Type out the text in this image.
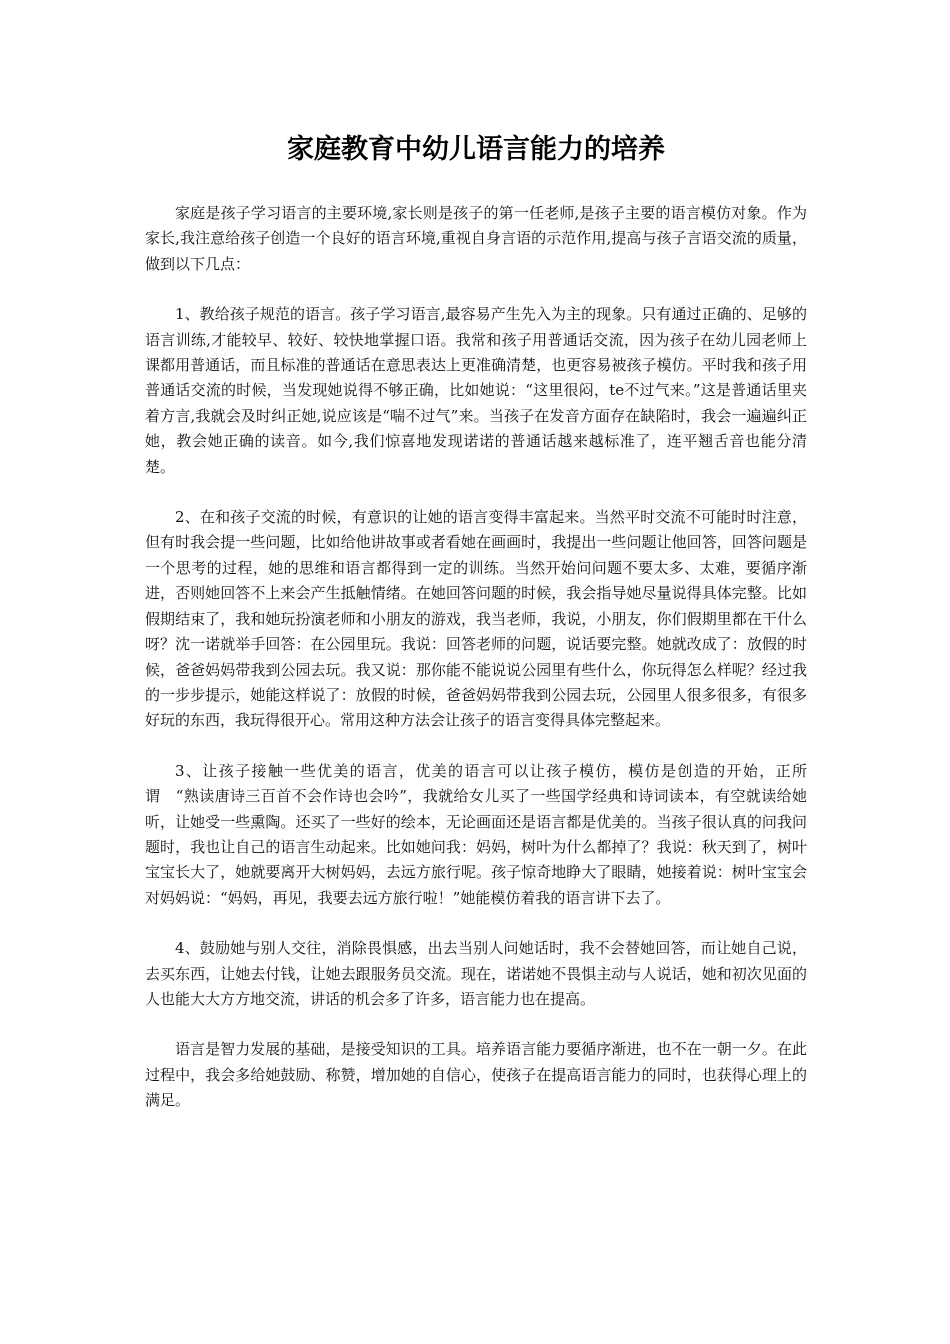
家庭教育中幼儿语言能力的培养

家庭是孩子学习语言的主要环境,家长则是孩子的第一任老师,是孩子主要的语言模仿对象。作为家长,我注意给孩子创造一个良好的语言环境,重视自身言语的示范作用,提高与孩子言语交流的质量，做到以下几点：

1、教给孩子规范的语言。孩子学习语言,最容易产生先入为主的现象。只有通过正确的、足够的语言训练,才能较早、较好、较快地掌握口语。我常和孩子用普通话交流，因为孩子在幼儿园老师上课都用普通话，而且标准的普通话在意思表达上更准确清楚，也更容易被孩子模仿。平时我和孩子用普通话交流的时候，当发现她说得不够正确，比如她说：“这里很闷，te不过气来。”这是普通话里夹着方言,我就会及时纠正她,说应该是“喘不过气”来。当孩子在发音方面存在缺陷时，我会一遍遍纠正她，教会她正确的读音。如今,我们惊喜地发现诺诺的普通话越来越标准了，连平翘舌音也能分清楚。

2、在和孩子交流的时候，有意识的让她的语言变得丰富起来。当然平时交流不可能时时注意，但有时我会提一些问题，比如给他讲故事或者看她在画画时，我提出一些问题让他回答，回答问题是一个思考的过程，她的思维和语言都得到一定的训练。当然开始问问题不要太多、太难，要循序渐进，否则她回答不上来会产生抵触情绪。在她回答问题的时候，我会指导她尽量说得具体完整。比如假期结束了，我和她玩扮演老师和小朋友的游戏，我当老师，我说，小朋友，你们假期里都在干什么呀？沈一诺就举手回答：在公园里玩。我说：回答老师的问题，说话要完整。她就改成了：放假的时候，爸爸妈妈带我到公园去玩。我又说：那你能不能说说公园里有些什么，你玩得怎么样呢？经过我的一步步提示，她能这样说了：放假的时候，爸爸妈妈带我到公园去玩，公园里人很多很多，有很多好玩的东西，我玩得很开心。常用这种方法会让孩子的语言变得具体完整起来。

3、让孩子接触一些优美的语言，优美的语言可以让孩子模仿，模仿是创造的开始，正所谓　“熟读唐诗三百首不会作诗也会吟”，我就给女儿买了一些国学经典和诗词读本，有空就读给她听，让她受一些熏陶。还买了一些好的绘本，无论画面还是语言都是优美的。当孩子很认真的问我问题时，我也让自己的语言生动起来。比如她问我：妈妈，树叶为什么都掉了？我说：秋天到了，树叶宝宝长大了，她就要离开大树妈妈，去远方旅行呢。孩子惊奇地睁大了眼睛，她接着说：树叶宝宝会对妈妈说：“妈妈，再见，我要去远方旅行啦！”她能模仿着我的语言讲下去了。

4、鼓励她与别人交往，消除畏惧感，出去当别人问她话时，我不会替她回答，而让她自己说，去买东西，让她去付钱，让她去跟服务员交流。现在，诺诺她不畏惧主动与人说话，她和初次见面的人也能大大方方地交流，讲话的机会多了许多，语言能力也在提高。

语言是智力发展的基础，是接受知识的工具。培养语言能力要循序渐进，也不在一朝一夕。在此过程中，我会多给她鼓励、称赞，增加她的自信心，使孩子在提高语言能力的同时，也获得心理上的满足。
